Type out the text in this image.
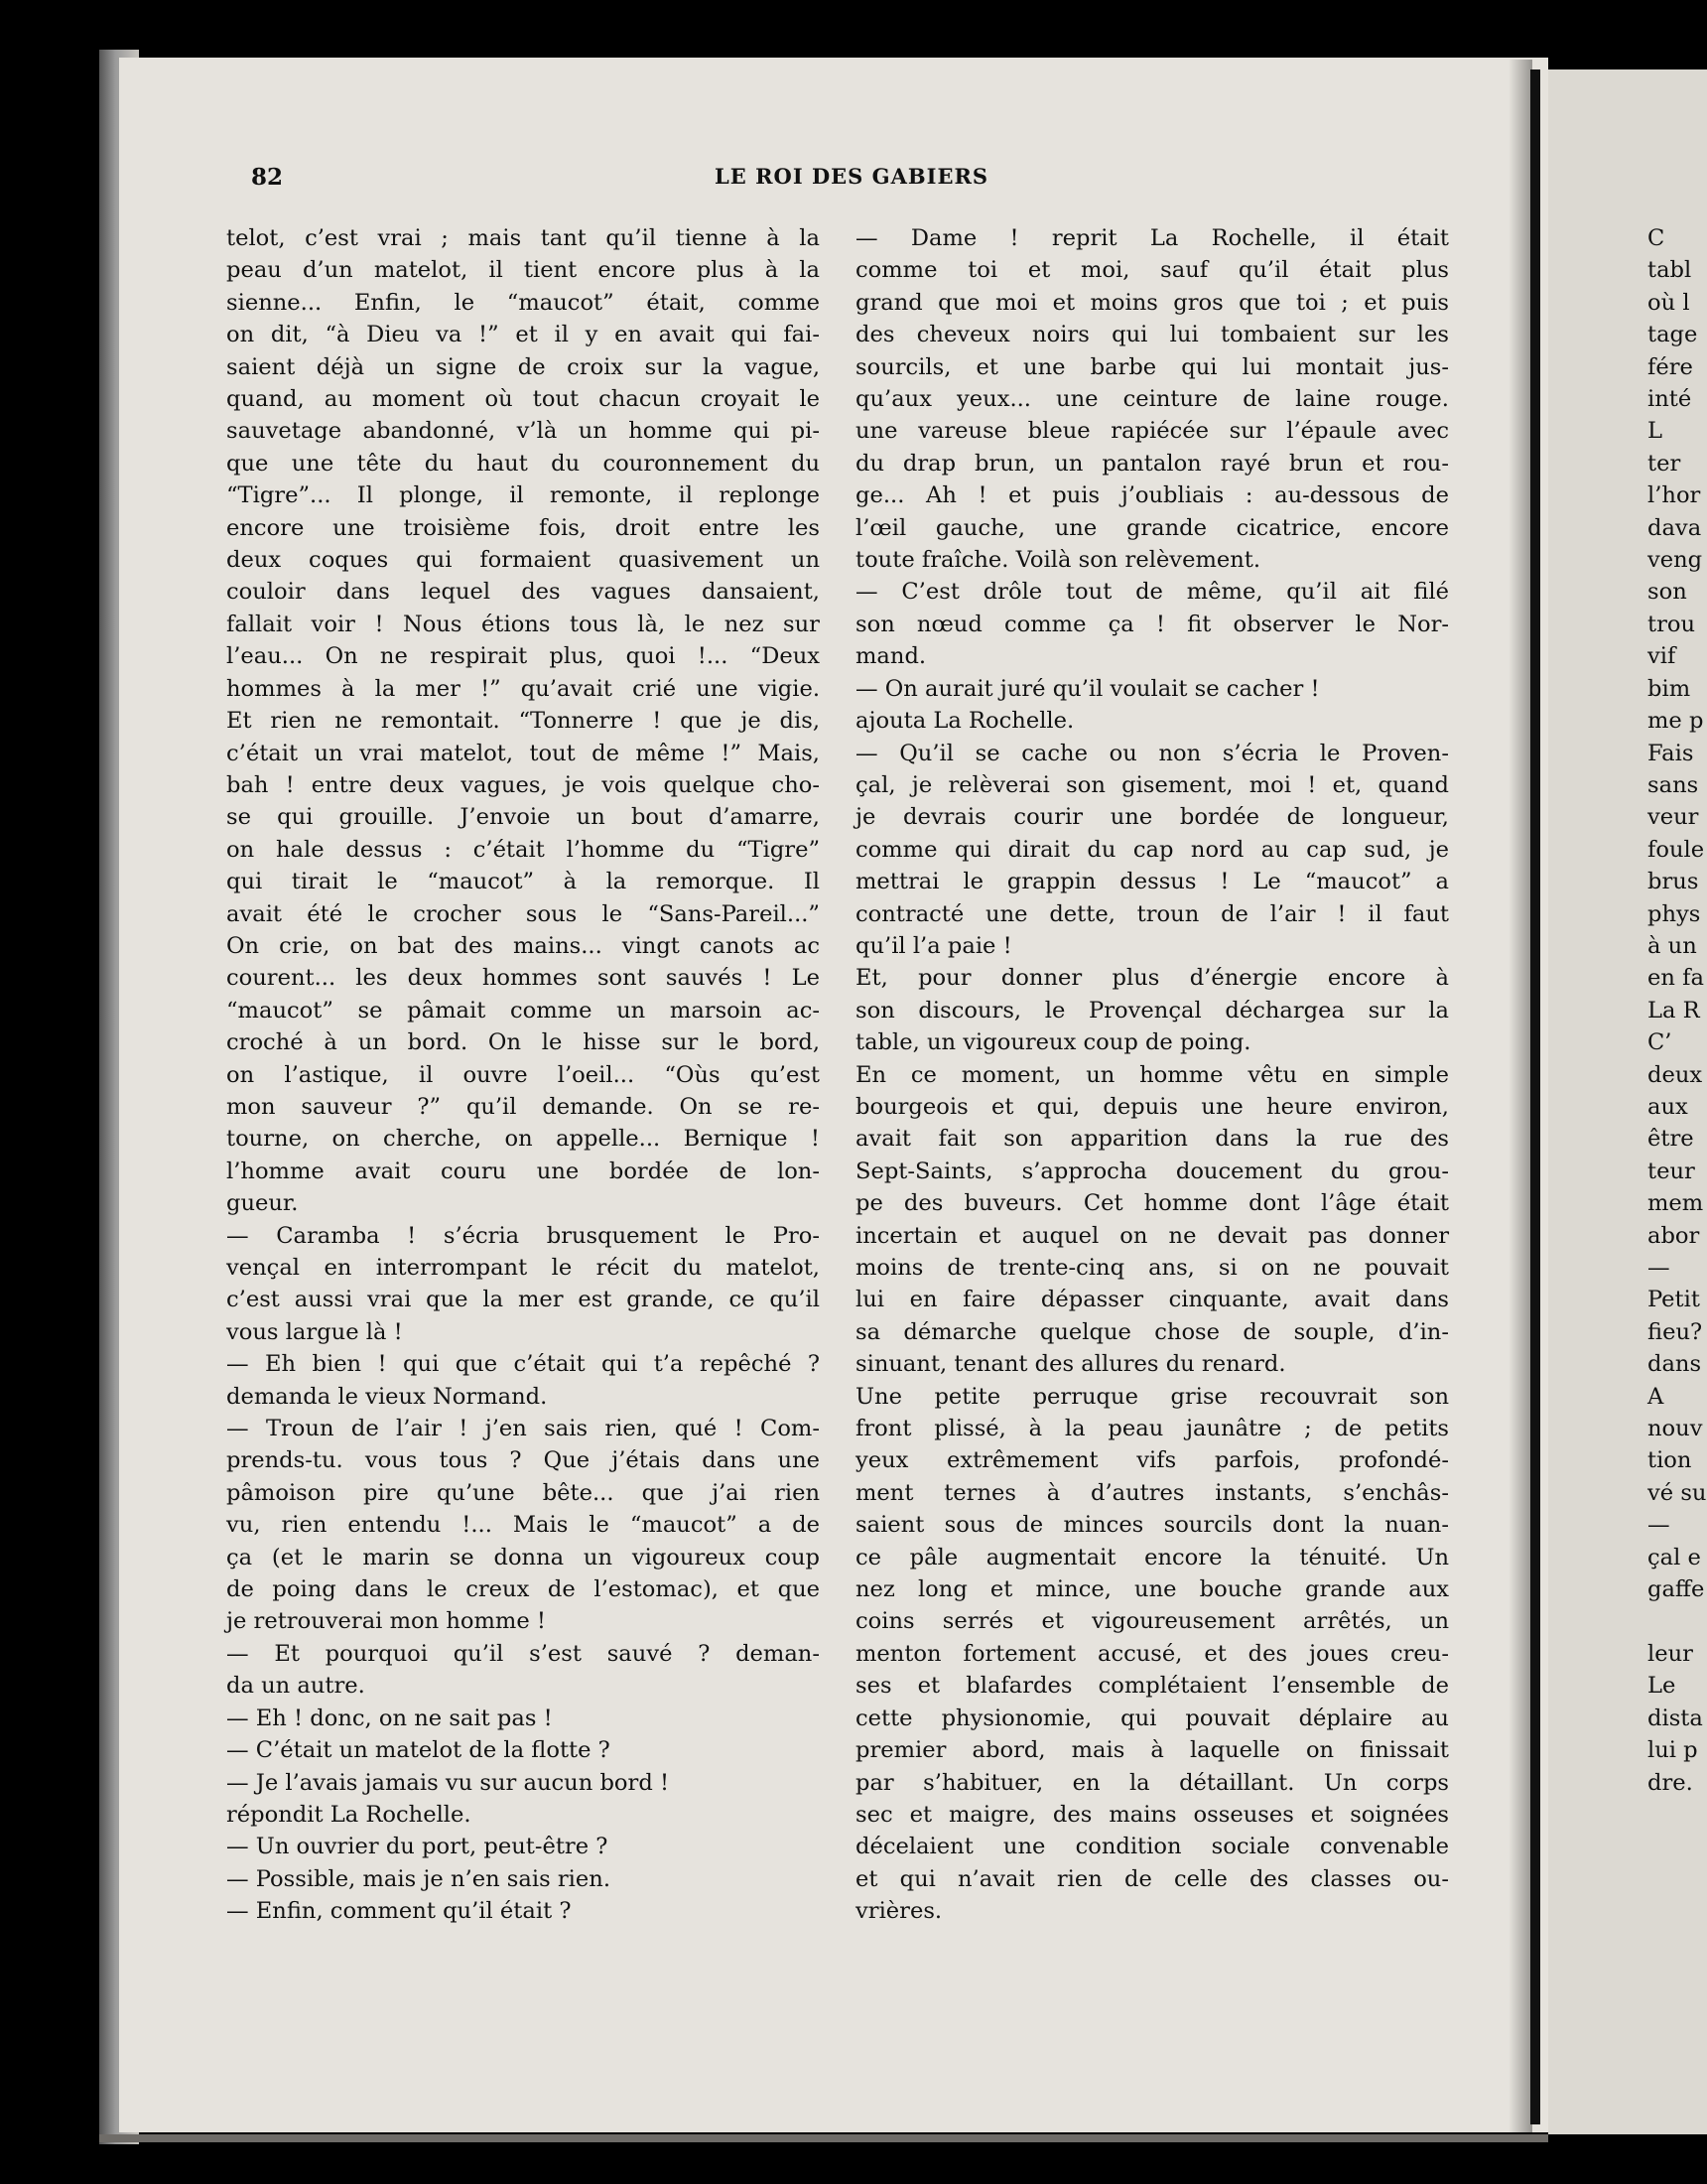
82	LE ROI DES GABIERS
telot, c’est vrai ; mais tant qu’il tienne à la
peau d’un matelot, il tient encore plus à la
sienne... Enfin, le “maucot” était, comme
on dit, “à Dieu va !” et il y en avait qui fai-
saient déjà un signe de croix sur la vague,
quand, au moment où tout chacun croyait le
sauvetage abandonné, v’là un homme qui pi-
que une tête du haut du couronnement du
“Tigre”... Il plonge, il remonte, il replonge
encore une troisième fois, droit entre les
deux coques qui formaient quasivement un
couloir dans lequel des vagues dansaient,
fallait voir ! Nous étions tous là, le nez sur
l’eau... On ne respirait plus, quoi !... “Deux
hommes à la mer !” qu’avait crié une vigie.
Et rien ne remontait. “Tonnerre ! que je dis,
c’était un vrai matelot, tout de même !” Mais,
bah ! entre deux vagues, je vois quelque cho-
se qui grouille. J’envoie un bout d’amarre,
on hale dessus : c’était l’homme du “Tigre”
qui tirait le “maucot” à la remorque. Il
avait été le crocher sous le “Sans-Pareil...”
On crie, on bat des mains... vingt canots ac
courent... les deux hommes sont sauvés ! Le
“maucot” se pâmait comme un marsoin ac-
croché à un bord. On le hisse sur le bord,
on l’astique, il ouvre l’oeil... “Oùs qu’est
mon sauveur ?” qu’il demande. On se re-
tourne, on cherche, on appelle... Bernique !
l’homme avait couru une bordée de lon-
gueur.
— Caramba ! s’écria brusquement le Pro-
vençal en interrompant le récit du matelot,
c’est aussi vrai que la mer est grande, ce qu’il
vous largue là !
— Eh bien ! qui que c’était qui t’a repêché ?
demanda le vieux Normand.
— Troun de l’air ! j’en sais rien, qué ! Com-
prends-tu. vous tous ? Que j’étais dans une
pâmoison pire qu’une bête... que j’ai rien
vu, rien entendu !... Mais le “maucot” a de
ça (et le marin se donna un vigoureux coup
de poing dans le creux de l’estomac), et que
je retrouverai mon homme !
— Et pourquoi qu’il s’est sauvé ? deman-
da un autre.
— Eh ! donc, on ne sait pas !
— C’était un matelot de la flotte ?
— Je l’avais jamais vu sur aucun bord !
répondit La Rochelle.
— Un ouvrier du port, peut-être ?
— Possible, mais je n’en sais rien.
— Enfin, comment qu’il était ?
— Dame ! reprit La Rochelle, il était
comme toi et moi, sauf qu’il était plus
grand que moi et moins gros que toi ; et puis
des cheveux noirs qui lui tombaient sur les
sourcils, et une barbe qui lui montait jus-
qu’aux yeux... une ceinture de laine rouge.
une vareuse bleue rapiécée sur l’épaule avec
du drap brun, un pantalon rayé brun et rou-
ge... Ah ! et puis j’oubliais : au-dessous de
l’œil gauche, une grande cicatrice, encore
toute fraîche. Voilà son relèvement.
— C’est drôle tout de même, qu’il ait filé
son nœud comme ça ! fit observer le Nor-
mand.
— On aurait juré qu’il voulait se cacher !
ajouta La Rochelle.
— Qu’il se cache ou non s’écria le Proven-
çal, je relèverai son gisement, moi ! et, quand
je devrais courir une bordée de longueur,
comme qui dirait du cap nord au cap sud, je
mettrai le grappin dessus ! Le “maucot” a
contracté une dette, troun de l’air ! il faut
qu’il l’a paie !
Et, pour donner plus d’énergie encore à
son discours, le Provençal déchargea sur la
table, un vigoureux coup de poing.
En ce moment, un homme vêtu en simple
bourgeois et qui, depuis une heure environ,
avait fait son apparition dans la rue des
Sept-Saints, s’approcha doucement du grou-
pe des buveurs. Cet homme dont l’âge était
incertain et auquel on ne devait pas donner
moins de trente-cinq ans, si on ne pouvait
lui en faire dépasser cinquante, avait dans
sa démarche quelque chose de souple, d’in-
sinuant, tenant des allures du renard.
Une petite perruque grise recouvrait son
front plissé, à la peau jaunâtre ; de petits
yeux extrêmement vifs parfois, profondé-
ment ternes à d’autres instants, s’enchâs-
saient sous de minces sourcils dont la nuan-
ce pâle augmentait encore la ténuité. Un
nez long et mince, une bouche grande aux
coins serrés et vigoureusement arrêtés, un
menton fortement accusé, et des joues creu-
ses et blafardes complétaient l’ensemble de
cette physionomie, qui pouvait déplaire au
premier abord, mais à laquelle on finissait
par s’habituer, en la détaillant. Un corps
sec et maigre, des mains osseuses et soignées
décelaient une condition sociale convenable
et qui n’avait rien de celle des classes ou-
vrières.
C
tabl
où l
tage
fére
inté
L
ter
l’hor
dava
veng
son
trou
vif
bim
me p
Fais
sans
veur
foule
brus
phys
à un
en fa
La R
C’
deux
aux
être
teur
mem
abor
—
Petit
fieu?
dans
A
nouv
tion
vé su
—
çal e
gaffe

leur
Le
dista
lui p
dre.
